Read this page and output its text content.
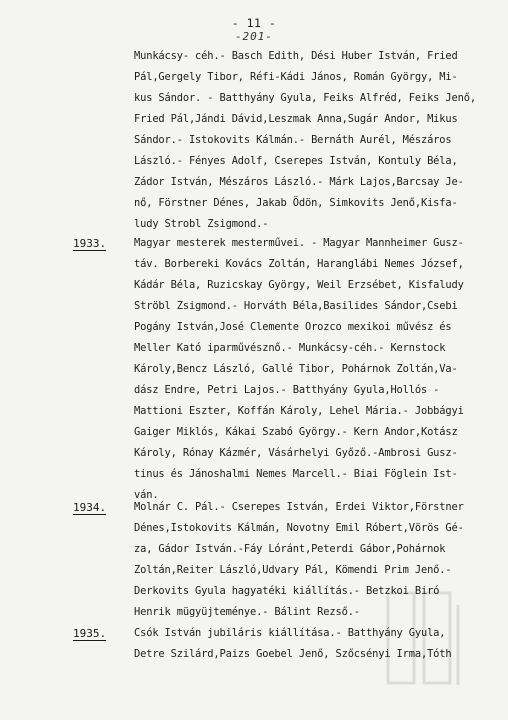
- 11 -
-201-
Munkácsy- céh.- Basch Edith, Dési Huber István, Fried
Pál,Gergely Tibor, Réfi-Kádi János, Román György, Mi-
kus Sándor. - Batthyány Gyula, Feiks Alfréd, Feiks Jenő,
Fried Pál,Jándi Dávid,Leszmak Anna,Sugár Andor, Mikus
Sándor.- Istokovits Kálmán.- Bernáth Aurél, Mészáros
László.- Fényes Adolf, Cserepes István, Kontuly Béla,
Zádor István, Mészáros László.- Márk Lajos,Barcsay Je-
nő, Förstner Dénes, Jakab Ödön, Simkovits Jenő,Kisfa-
ludy Strobl Zsigmond.-
1933.	Magyar mesterek mesterművei. - Magyar Mannheimer Gusz-
táv. Borbereki Kovács Zoltán, Haranglábi Nemes József,
Kádár Béla, Ruzicskay György, Weil Erzsébet, Kisfaludy
Ströbl Zsigmond.- Horváth Béla,Basilides Sándor,Csebi
Pogány István,José Clemente Orozco mexikoi művész és
Meller Kató iparművésznő.- Munkácsy-céh.- Kernstock
Károly,Bencz László, Gallé Tibor, Pohárnok Zoltán,Va-
dász Endre, Petri Lajos.- Batthyány Gyula,Hollós -
Mattioni Eszter, Koffán Károly, Lehel Mária.- Jobbágyi
Gaiger Miklós, Kákai Szabó György.- Kern Andor,Kotász
Károly, Rónay Kázmér, Vásárhelyi Győző.-Ambrosi Gusz-
tinus és Jánoshalmi Nemes Marcell.- Biai Föglein Ist-
ván.
1934.	Molnár C. Pál.- Cserepes István, Erdei Viktor,Förstner
Dénes,Istokovits Kálmán, Novotny Emil Róbert,Vörös Gé-
za, Gádor István.-Fáy Lóránt,Peterdi Gábor,Pohárnok
Zoltán,Reiter László,Udvary Pál, Kömendi Prim Jenő.-
Derkovits Gyula hagyatéki kiállítás.- Betzkoi Biró
Henrik mügyüjteménye.- Bálint Rezső.-
1935.	Csók István jubiláris kiállítása.- Batthyány Gyula,
Detre Szilárd,Paizs Goebel Jenő, Szőcsényi Irma,Tóth
